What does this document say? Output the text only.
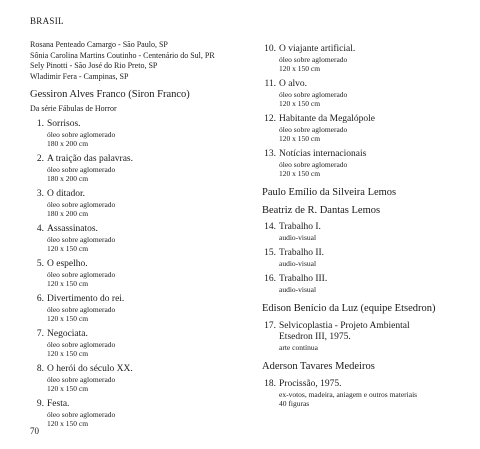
BRASIL
Rosana Penteado Camargo - São Paulo, SP
Sônia Carolina Martins Coutinho - Centenário do Sul, PR
Sely Pinotti - São José do Rio Preto, SP
Wladimir Fera - Campinas, SP
Gessiron Alves Franco (Siron Franco)
Da série Fábulas de Horror
1. Sorrisos.
óleo sobre aglomerado
180 x 200 cm
2. A traição das palavras.
óleo sobre aglomerado
180 x 200 cm
3. O ditador.
óleo sobre aglomerado
180 x 200 cm
4. Assassinatos.
óleo sobre aglomerado
120 x 150 cm
5. O espelho.
óleo sobre aglomerado
120 x 150 cm
6. Divertimento do rei.
óleo sobre aglomerado
120 x 150 cm
7. Negociata.
óleo sobre aglomerado
120 x 150 cm
8. O herói do século XX.
óleo sobre aglomerado
120 x 150 cm
9. Festa.
óleo sobre aglomerado
120 x 150 cm
10. O viajante artificial.
óleo sobre aglomerado
120 x 150 cm
11. O alvo.
óleo sobre aglomerado
120 x 150 cm
12. Habitante da Megalópole
óleo sobre aglomerado
120 x 150 cm
13. Notícias internacionais
óleo sobre aglomerado
120 x 150 cm
Paulo Emílio da Silveira Lemos
Beatriz de R. Dantas Lemos
14. Trabalho I.
audio-visual
15. Trabalho II.
audio-visual
16. Trabalho III.
audio-visual
Edison Benício da Luz (equipe Etsedron)
17. Selvicoplastia - Projeto Ambiental
Etsedron III, 1975.
arte contínua
Aderson Tavares Medeiros
18. Procissão, 1975.
ex-votos, madeira, aniagem e outros materiais
40 figuras
70
